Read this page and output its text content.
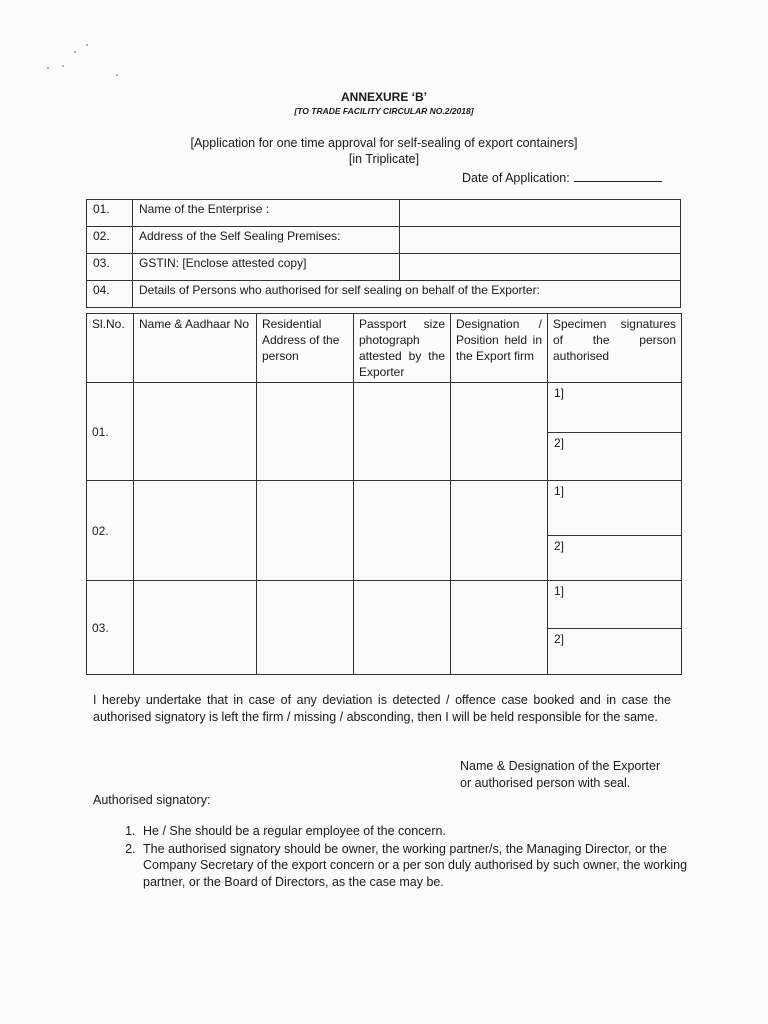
ANNEXURE ‘B’
[TO TRADE FACILITY CIRCULAR NO.2/2018]
[Application for one time approval for self-sealing of export containers]
[in Triplicate]
Date of Application:
01.	Name of the Enterprise :	
02.	Address of the Self Sealing Premises:	
03.	GSTIN: [Enclose attested copy]	
04.	Details of Persons who authorised for self sealing on behalf of the Exporter:	
Sl.No.	Name & Aadhaar No	Residential Address of the person	Passport size photograph attested by the Exporter	Designation / Position held in the Export firm	Specimen signatures of the person authorised
01.					1]
					2]
02.					1]
					2]
03.					1]
					2]
I hereby undertake that in case of any deviation is detected / offence case booked and in case the authorised signatory is left the firm / missing / absconding, then I will be held responsible for the same.
Name & Designation of the Exporter
or authorised person with seal.
Authorised signatory:
1. He / She should be a regular employee of the concern.
2. The authorised signatory should be owner, the working partner/s, the Managing Director, or the Company Secretary of the export concern or a per son duly authorised by such owner, the working partner, or the Board of Directors, as the case may be.
